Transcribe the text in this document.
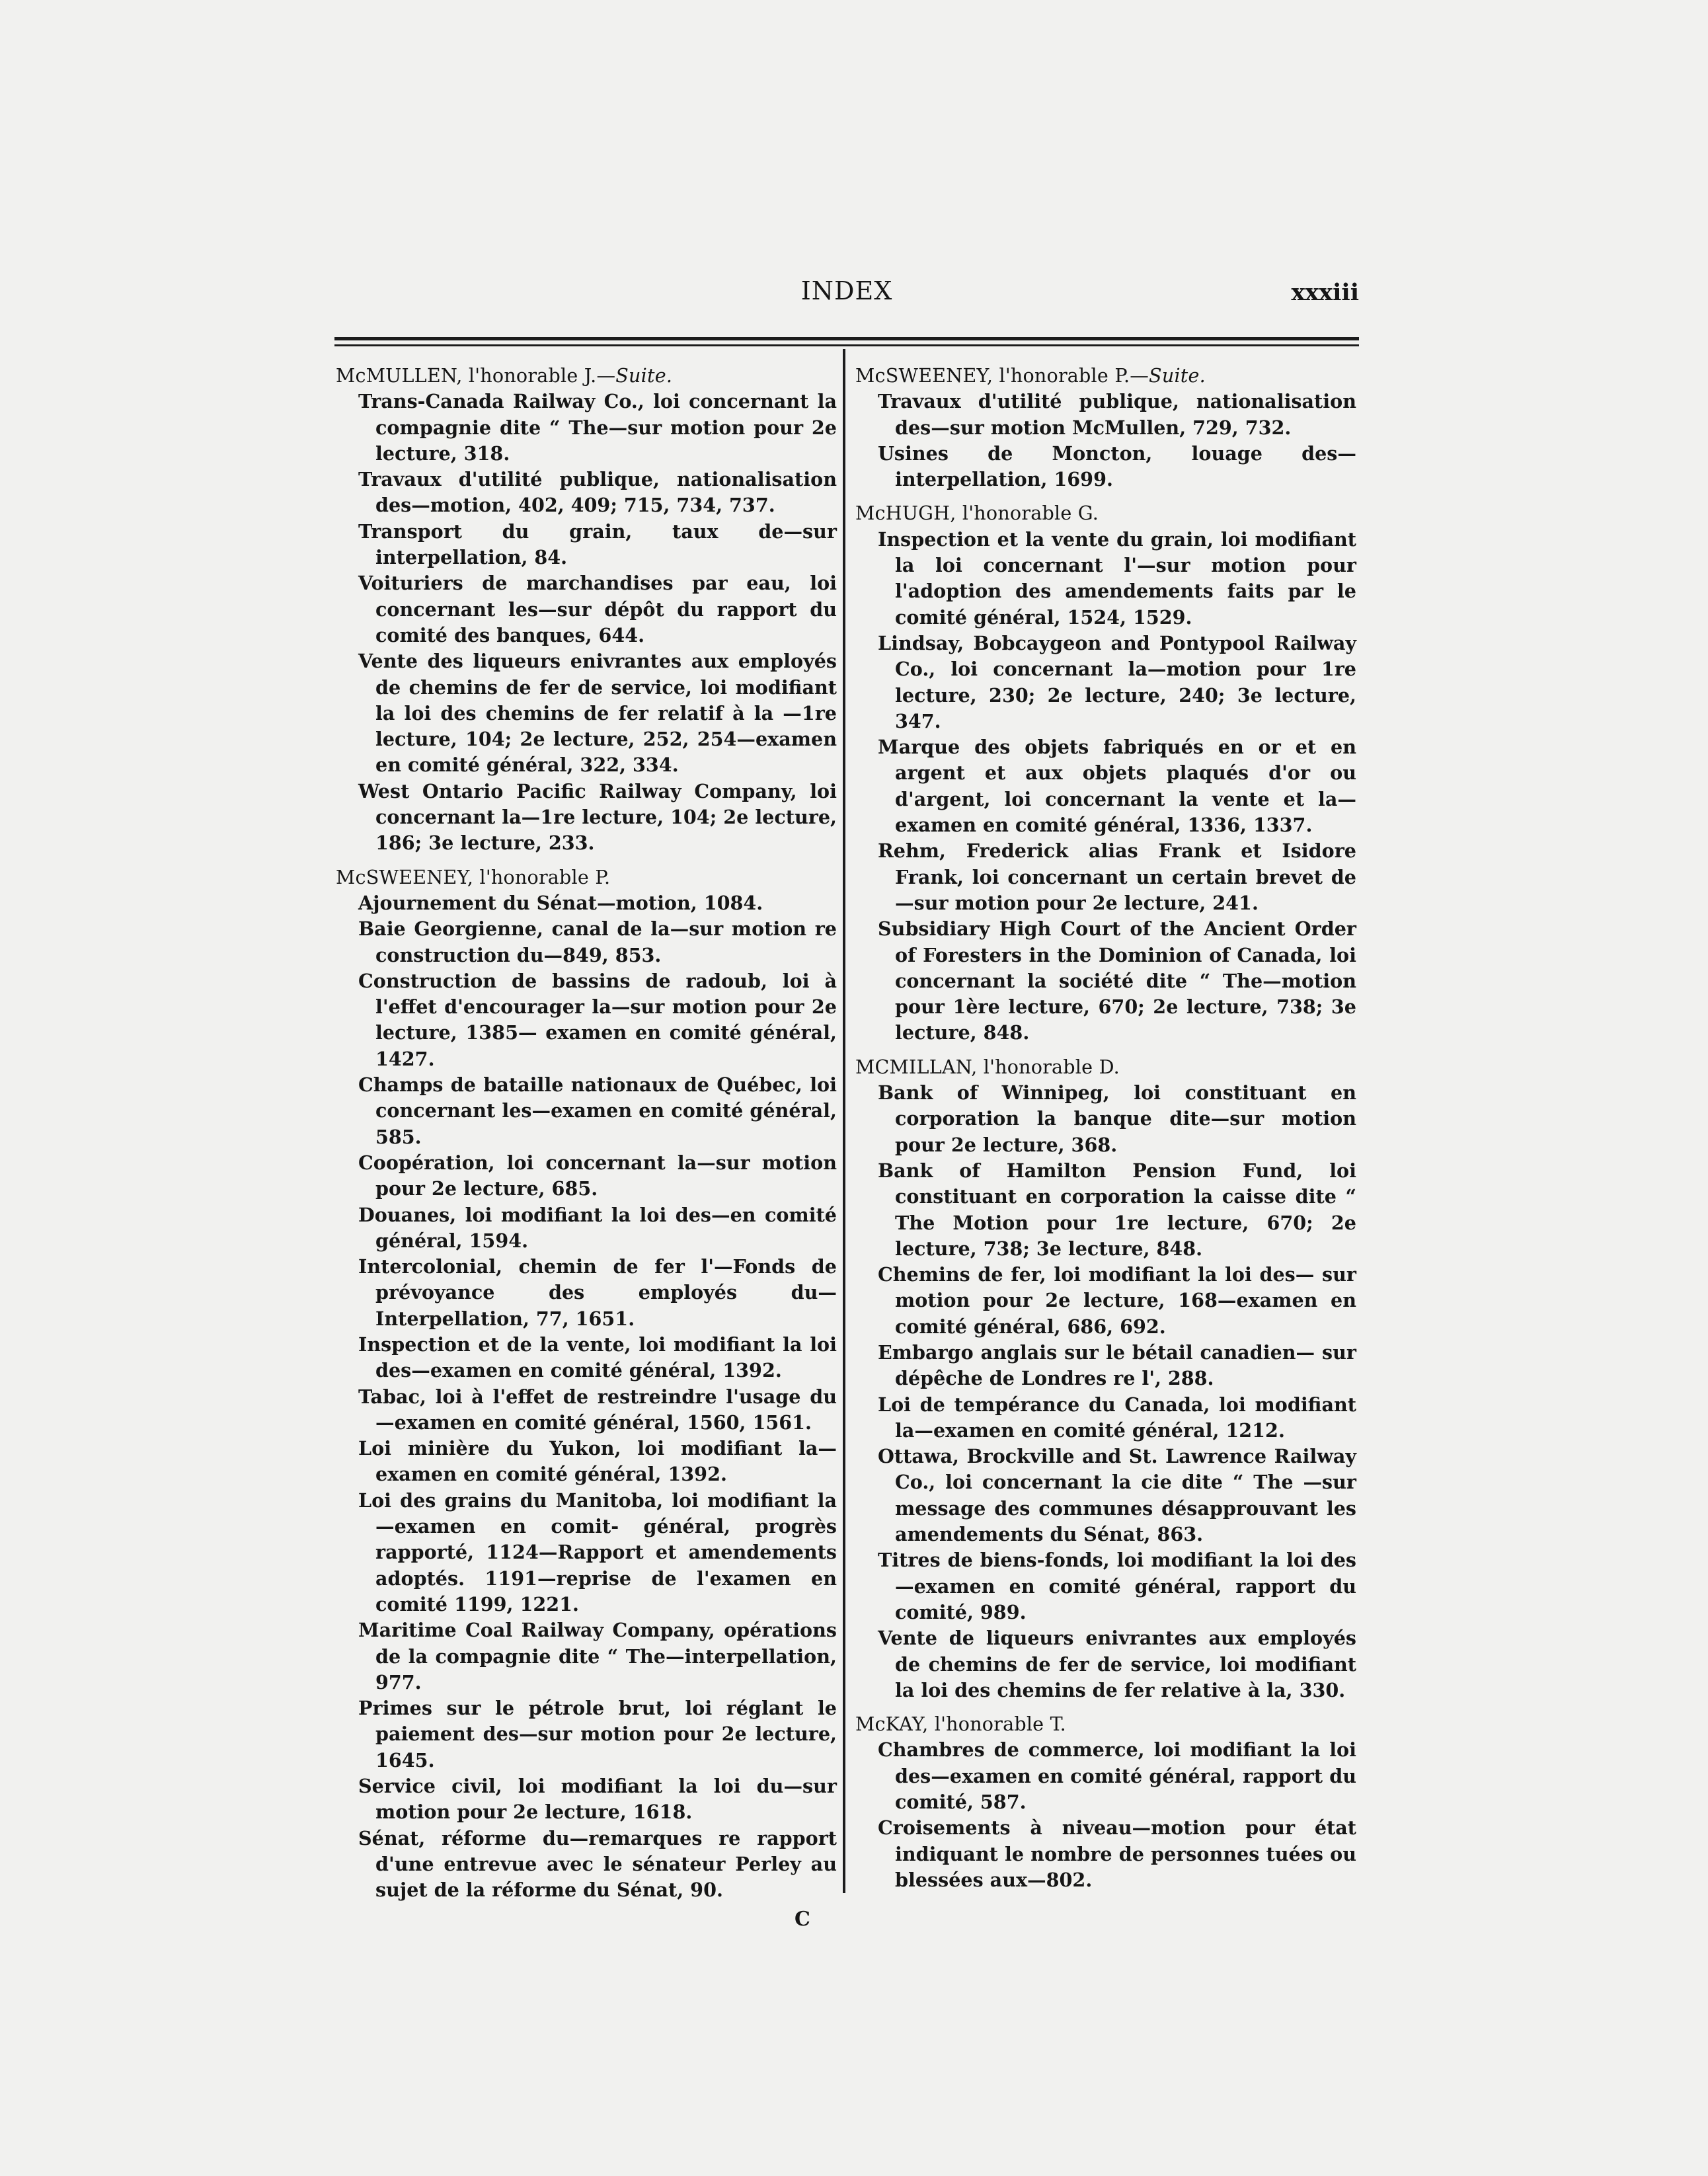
INDEX	xxxiii
McMULLEN, l'honorable J.—Suite.
Trans-Canada Railway Co., loi concernant la compagnie dite “ The—sur motion pour 2e lecture, 318.
Travaux d'utilité publique, nationalisation des—motion, 402, 409; 715, 734, 737.
Transport du grain, taux de—sur interpellation, 84.
Voituriers de marchandises par eau, loi concernant les—sur dépôt du rapport du comité des banques, 644.
Vente des liqueurs enivrantes aux employés de chemins de fer de service, loi modifiant la loi des chemins de fer relatif à la —1re lecture, 104; 2e lecture, 252, 254—examen en comité général, 322, 334.
West Ontario Pacific Railway Company, loi concernant la—1re lecture, 104; 2e lecture, 186; 3e lecture, 233.
McSWEENEY, l'honorable P.
Ajournement du Sénat—motion, 1084.
Baie Georgienne, canal de la—sur motion re construction du—849, 853.
Construction de bassins de radoub, loi à l'effet d'encourager la—sur motion pour 2e lecture, 1385— examen en comité général, 1427.
Champs de bataille nationaux de Québec, loi concernant les—examen en comité général, 585.
Coopération, loi concernant la—sur motion pour 2e lecture, 685.
Douanes, loi modifiant la loi des—en comité général, 1594.
Intercolonial, chemin de fer l'—Fonds de prévoyance des employés du—Interpellation, 77, 1651.
Inspection et de la vente, loi modifiant la loi des—examen en comité général, 1392.
Tabac, loi à l'effet de restreindre l'usage du —examen en comité général, 1560, 1561.
Loi minière du Yukon, loi modifiant la—examen en comité général, 1392.
Loi des grains du Manitoba, loi modifiant la —examen en comit- général, progrès rapporté, 1124—Rapport et amendements adoptés. 1191—reprise de l'examen en comité 1199, 1221.
Maritime Coal Railway Company, opérations de la compagnie dite “ The—interpellation, 977.
Primes sur le pétrole brut, loi réglant le paiement des—sur motion pour 2e lecture, 1645.
Service civil, loi modifiant la loi du—sur motion pour 2e lecture, 1618.
Sénat, réforme du—remarques re rapport d'une entrevue avec le sénateur Perley au sujet de la réforme du Sénat, 90.
McSWEENEY, l'honorable P.—Suite.
Travaux d'utilité publique, nationalisation des—sur motion McMullen, 729, 732.
Usines de Moncton, louage des—interpellation, 1699.
McHUGH, l'honorable G.
Inspection et la vente du grain, loi modifiant la loi concernant l'—sur motion pour l'adoption des amendements faits par le comité général, 1524, 1529.
Lindsay, Bobcaygeon and Pontypool Railway Co., loi concernant la—motion pour 1re lecture, 230; 2e lecture, 240; 3e lecture, 347.
Marque des objets fabriqués en or et en argent et aux objets plaqués d'or ou d'argent, loi concernant la vente et la—examen en comité général, 1336, 1337.
Rehm, Frederick alias Frank et Isidore Frank, loi concernant un certain brevet de—sur motion pour 2e lecture, 241.
Subsidiary High Court of the Ancient Order of Foresters in the Dominion of Canada, loi concernant la société dite “ The—motion pour 1ère lecture, 670; 2e lecture, 738; 3e lecture, 848.
MCMILLAN, l'honorable D.
Bank of Winnipeg, loi constituant en corporation la banque dite—sur motion pour 2e lecture, 368.
Bank of Hamilton Pension Fund, loi constituant en corporation la caisse dite “ The Motion pour 1re lecture, 670; 2e lecture, 738; 3e lecture, 848.
Chemins de fer, loi modifiant la loi des— sur motion pour 2e lecture, 168—examen en comité général, 686, 692.
Embargo anglais sur le bétail canadien— sur dépêche de Londres re l', 288.
Loi de tempérance du Canada, loi modifiant la—examen en comité général, 1212.
Ottawa, Brockville and St. Lawrence Railway Co., loi concernant la cie dite “ The —sur message des communes désapprouvant les amendements du Sénat, 863.
Titres de biens-fonds, loi modifiant la loi des—examen en comité général, rapport du comité, 989.
Vente de liqueurs enivrantes aux employés de chemins de fer de service, loi modifiant la loi des chemins de fer relative à la, 330.
McKAY, l'honorable T.
Chambres de commerce, loi modifiant la loi des—examen en comité général, rapport du comité, 587.
Croisements à niveau—motion pour état indiquant le nombre de personnes tuées ou blessées aux—802.
C
